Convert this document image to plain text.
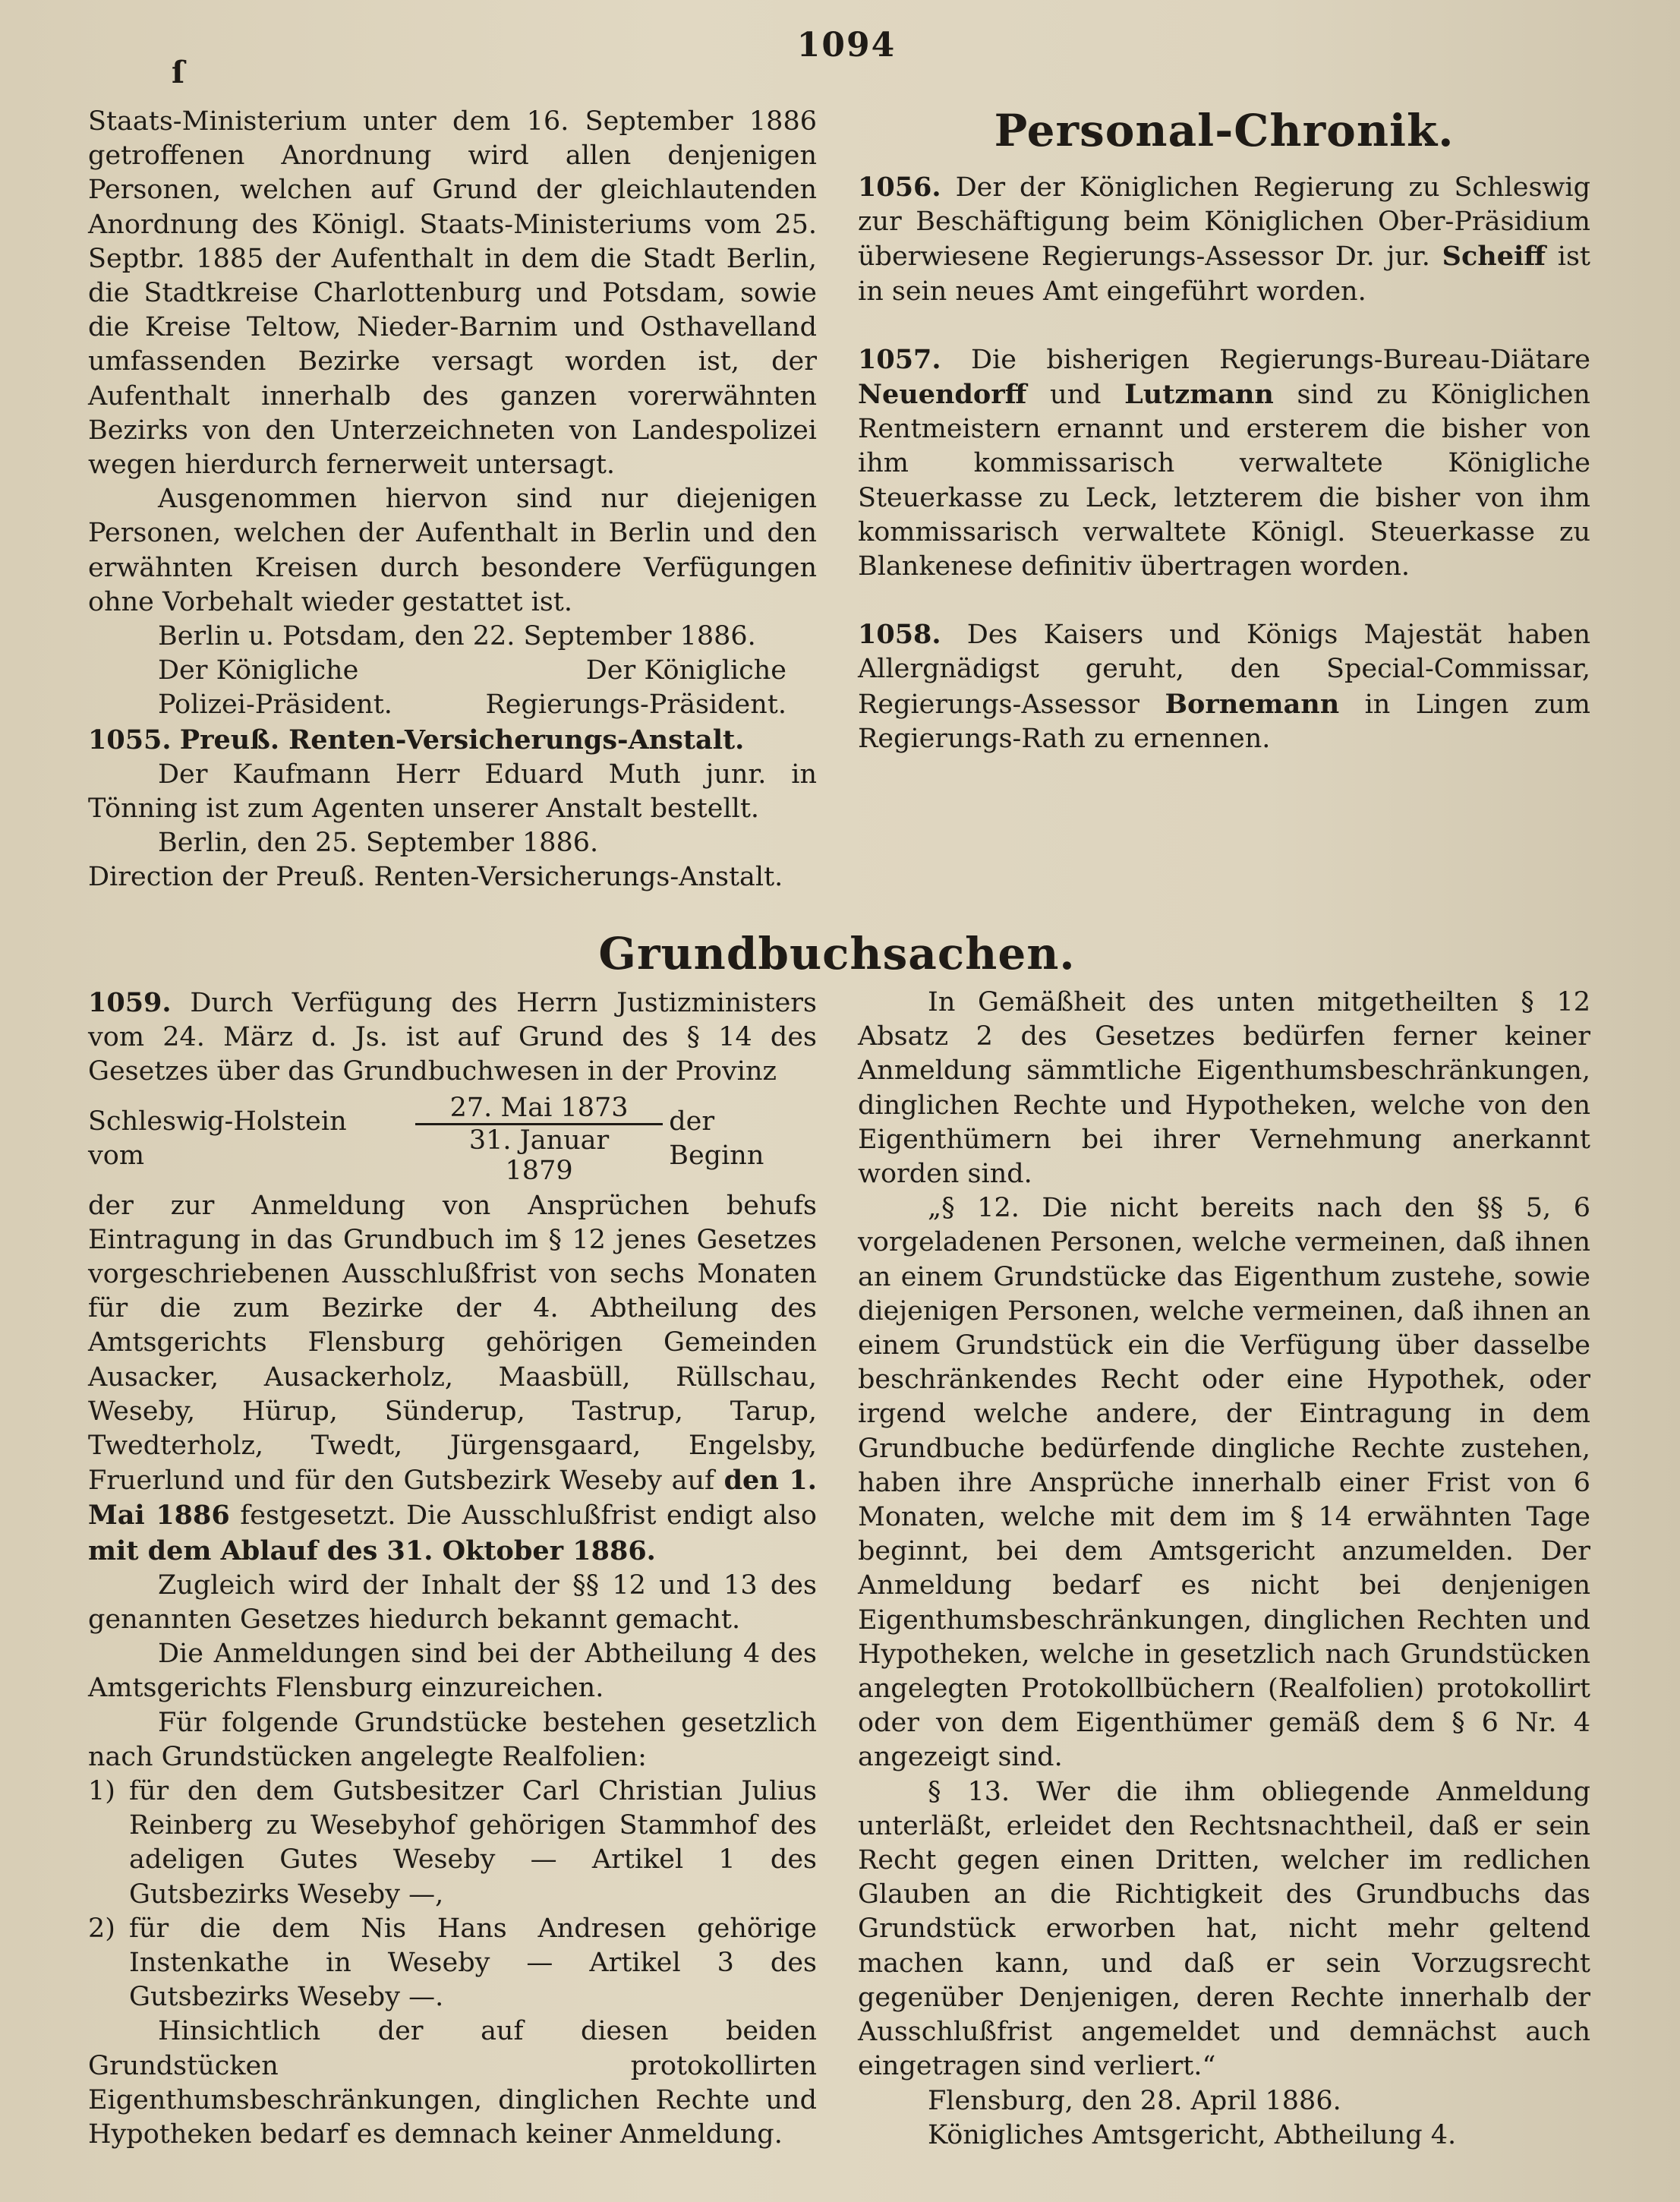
1094
ſ

Staats-Ministerium unter dem 16. September 1886 getroffenen Anordnung wird allen denjenigen Personen, welchen auf Grund der gleichlautenden Anordnung des Königl. Staats-Ministeriums vom 25. Septbr. 1885 der Aufenthalt in dem die Stadt Berlin, die Stadtkreise Charlottenburg und Potsdam, sowie die Kreise Teltow, Nieder-Barnim und Osthavelland umfassenden Bezirke versagt worden ist, der Aufenthalt innerhalb des ganzen vorerwähnten Bezirks von den Unterzeichneten von Landespolizei wegen hierdurch fernerweit untersagt.

Ausgenommen hiervon sind nur diejenigen Personen, welchen der Aufenthalt in Berlin und den erwähnten Kreisen durch besondere Verfügungen ohne Vorbehalt wieder gestattet ist.

Berlin u. Potsdam, den 22. September 1886.

Der Königliche	Der Königliche
Polizei-Präsident.	Regierungs-Präsident.

1055. Preuß. Renten-Versicherungs-Anstalt.

Der Kaufmann Herr Eduard Muth junr. in Tönning ist zum Agenten unserer Anstalt bestellt.

Berlin, den 25. September 1886.

Direction der Preuß. Renten-Versicherungs-Anstalt.

Personal-Chronik.

1056. Der der Königlichen Regierung zu Schleswig zur Beschäftigung beim Königlichen Ober-Präsidium überwiesene Regierungs-Assessor Dr. jur. Scheiff ist in sein neues Amt eingeführt worden.

1057. Die bisherigen Regierungs-Bureau-Diätare Neuendorff und Lutzmann sind zu Königlichen Rentmeistern ernannt und ersterem die bisher von ihm kommissarisch verwaltete Königliche Steuerkasse zu Leck, letzterem die bisher von ihm kommissarisch verwaltete Königl. Steuerkasse zu Blankenese definitiv übertragen worden.

1058. Des Kaisers und Königs Majestät haben Allergnädigst geruht, den Special-Commissar, Regierungs-Assessor Bornemann in Lingen zum Regierungs-Rath zu ernennen.

Grundbuchsachen.

1059. Durch Verfügung des Herrn Justizministers vom 24. März d. Js. ist auf Grund des § 14 des Gesetzes über das Grundbuchwesen in der Provinz

Schleswig-Holstein vom	$\frac{\text{27. Mai 1873}}{\text{31. Januar 1879}}$ der Beginn

der zur Anmeldung von Ansprüchen behufs Eintragung in das Grundbuch im § 12 jenes Gesetzes vorgeschriebenen Ausschlußfrist von sechs Monaten für die zum Bezirke der 4. Abtheilung des Amtsgerichts Flensburg gehörigen Gemeinden Ausacker, Ausackerholz, Maasbüll, Rüllschau, Weseby, Hürup, Sünderup, Tastrup, Tarup, Twedterholz, Twedt, Jürgensgaard, Engelsby, Fruerlund und für den Gutsbezirk Weseby auf den 1. Mai 1886 festgesetzt. Die Ausschlußfrist endigt also mit dem Ablauf des 31. Oktober 1886.

Zugleich wird der Inhalt der §§ 12 und 13 des genannten Gesetzes hiedurch bekannt gemacht.

Die Anmeldungen sind bei der Abtheilung 4 des Amtsgerichts Flensburg einzureichen.

Für folgende Grundstücke bestehen gesetzlich nach Grundstücken angelegte Realfolien:

1) für den dem Gutsbesitzer Carl Christian Julius Reinberg zu Wesebyhof gehörigen Stammhof des adeligen Gutes Weseby — Artikel 1 des Gutsbezirks Weseby —,

2) für die dem Nis Hans Andresen gehörige Instenkathe in Weseby — Artikel 3 des Gutsbezirks Weseby —.

Hinsichtlich der auf diesen beiden Grundstücken protokollirten Eigenthumsbeschränkungen, dinglichen Rechte und Hypotheken bedarf es demnach keiner Anmeldung.

In Gemäßheit des unten mitgetheilten § 12 Absatz 2 des Gesetzes bedürfen ferner keiner Anmeldung sämmtliche Eigenthumsbeschränkungen, dinglichen Rechte und Hypotheken, welche von den Eigenthümern bei ihrer Vernehmung anerkannt worden sind.

„§ 12. Die nicht bereits nach den §§ 5, 6 vorgeladenen Personen, welche vermeinen, daß ihnen an einem Grundstücke das Eigenthum zustehe, sowie diejenigen Personen, welche vermeinen, daß ihnen an einem Grundstück ein die Verfügung über dasselbe beschränkendes Recht oder eine Hypothek, oder irgend welche andere, der Eintragung in dem Grundbuche bedürfende dingliche Rechte zustehen, haben ihre Ansprüche innerhalb einer Frist von 6 Monaten, welche mit dem im § 14 erwähnten Tage beginnt, bei dem Amtsgericht anzumelden. Der Anmeldung bedarf es nicht bei denjenigen Eigenthumsbeschränkungen, dinglichen Rechten und Hypotheken, welche in gesetzlich nach Grundstücken angelegten Protokollbüchern (Realfolien) protokollirt oder von dem Eigenthümer gemäß dem § 6 Nr. 4 angezeigt sind.

§ 13. Wer die ihm obliegende Anmeldung unterläßt, erleidet den Rechtsnachtheil, daß er sein Recht gegen einen Dritten, welcher im redlichen Glauben an die Richtigkeit des Grundbuchs das Grundstück erworben hat, nicht mehr geltend machen kann, und daß er sein Vorzugsrecht gegenüber Denjenigen, deren Rechte innerhalb der Ausschlußfrist angemeldet und demnächst auch eingetragen sind verliert.“

Flensburg, den 28. April 1886.

Königliches Amtsgericht, Abtheilung 4.
